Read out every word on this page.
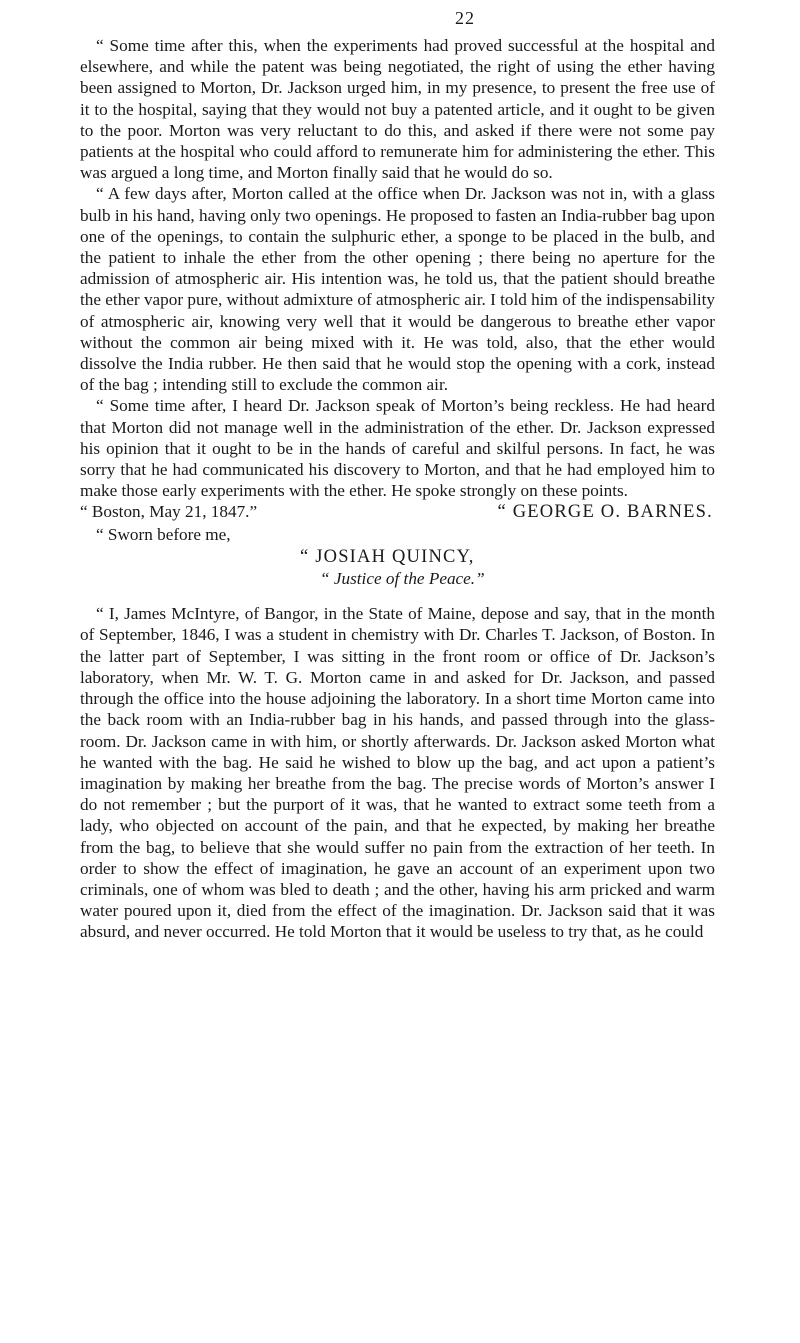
22

“ Some time after this, when the experiments had proved successful at the hospital and elsewhere, and while the patent was being negotiated, the right of using the ether having been assigned to Morton, Dr. Jackson urged him, in my presence, to present the free use of it to the hospital, saying that they would not buy a patented article, and it ought to be given to the poor. Morton was very reluctant to do this, and asked if there were not some pay patients at the hospital who could afford to remunerate him for administering the ether. This was argued a long time, and Morton finally said that he would do so.

“ A few days after, Morton called at the office when Dr. Jackson was not in, with a glass bulb in his hand, having only two openings. He proposed to fasten an India-rubber bag upon one of the openings, to contain the sulphuric ether, a sponge to be placed in the bulb, and the patient to inhale the ether from the other opening ; there being no aperture for the admission of atmospheric air. His intention was, he told us, that the patient should breathe the ether vapor pure, without admixture of atmospheric air. I told him of the indispensability of atmospheric air, knowing very well that it would be dangerous to breathe ether vapor without the common air being mixed with it. He was told, also, that the ether would dissolve the India rubber. He then said that he would stop the opening with a cork, instead of the bag ; intending still to exclude the common air.

“ Some time after, I heard Dr. Jackson speak of Morton’s being reckless. He had heard that Morton did not manage well in the administration of the ether. Dr. Jackson expressed his opinion that it ought to be in the hands of careful and skilful persons. In fact, he was sorry that he had communicated his discovery to Morton, and that he had employed him to make those early experiments with the ether. He spoke strongly on these points.

“ Boston, May 21, 1847.”	“ GEORGE O. BARNES.

“ Sworn before me,

“ JOSIAH QUINCY,
“ Justice of the Peace.”

“ I, James McIntyre, of Bangor, in the State of Maine, depose and say, that in the month of September, 1846, I was a student in chemistry with Dr. Charles T. Jackson, of Boston. In the latter part of September, I was sitting in the front room or office of Dr. Jackson’s laboratory, when Mr. W. T. G. Morton came in and asked for Dr. Jackson, and passed through the office into the house adjoining the laboratory. In a short time Morton came into the back room with an India-rubber bag in his hands, and passed through into the glass-room. Dr. Jackson came in with him, or shortly afterwards. Dr. Jackson asked Morton what he wanted with the bag. He said he wished to blow up the bag, and act upon a patient’s imagination by making her breathe from the bag. The precise words of Morton’s answer I do not remember ; but the purport of it was, that he wanted to extract some teeth from a lady, who objected on account of the pain, and that he expected, by making her breathe from the bag, to believe that she would suffer no pain from the extraction of her teeth. In order to show the effect of imagination, he gave an account of an experiment upon two criminals, one of whom was bled to death ; and the other, having his arm pricked and warm water poured upon it, died from the effect of the imagination. Dr. Jackson said that it was absurd, and never occurred. He told Morton that it would be useless to try that, as he could
